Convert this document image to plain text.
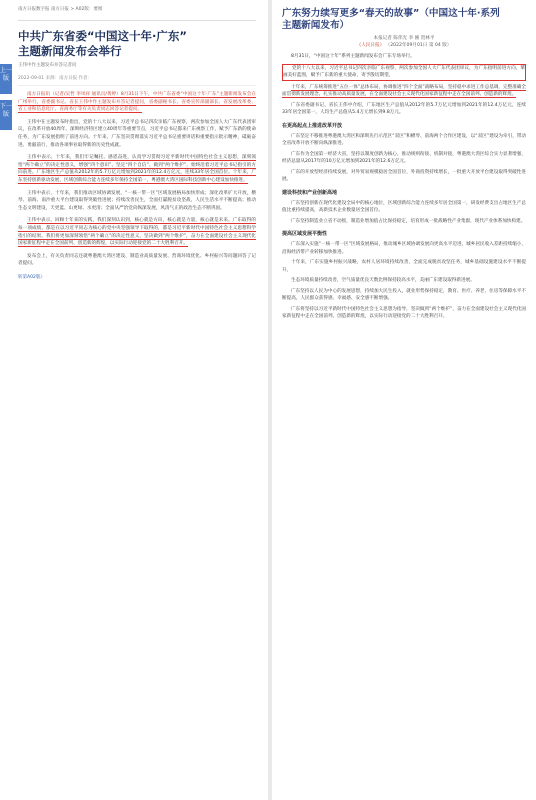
上一版
下一版
南方日报数字报 南方日报 > A02版：要闻
中共广东省委“中国这十年·广东”
主题新闻发布会举行
王伟中作主题发布并答记者问
2022-09-01 来源：南方日报 作者：

南方日报讯（记者/吴哲 李凤祥 通讯员/黄婷）8月31日下午，中共广东省委“中国这十年·广东”主题新闻发布会在广州举行。省委副书记、省长王伟中作主题发布并答记者提问，省委副秘书长、省委宣传部副部长、省发展改革委、省工业和信息化厅、省商务厅等有关负责同志回答记者提问。

王伟中在主题发布时指出，党的十八大以来，习近平总书记四次亲临广东视察，两次参加全国人大广东代表团审议，在改革开放40周年、深圳经济特区建立40周年等重要节点，习近平总书记都来广东视察工作，赋予广东新的使命任务，为广东发展指明了前进方向。十年来，广东坚决贯彻落实习近平总书记重要讲话和重要指示批示精神，砥砺奋进、勇毅前行，推动各项事业取得新的历史性成就。

王伟中表示，十年来，我们牢记嘱托、感恩奋进，认真学习贯彻习近平新时代中国特色社会主义思想，深刻领悟“两个确立”的决定性意义，增强“四个意识”、坚定“四个自信”、做到“两个维护”，始终沿着习近平总书记指引的方向前进。广东地区生产总值从2012年的5.7万亿元增加到2021年的12.4万亿元，连续33年居全国首位。十年来，广东坚持创新驱动发展，区域创新综合能力连续多年保持全国第一，粤港澳大湾区国际科技创新中心建设加快推进。

王伟中表示，十年来，我们推动区域协调发展，“一核一带一区”区域发展格局加快形成；深化改革扩大开放，横琴、前海、南沙重大平台建设取得突破性进展；持续改善民生，全面打赢脱贫攻坚战，人民生活水平不断提高；推动生态文明建设，天更蓝、山更绿、水更清；全面从严治党向纵深发展，风清气正的政治生态不断巩固。

王伟中表示，回顾十年来的实践，我们深刻认识到，核心就是方向，核心就是力量，核心就是未来。广东取得的每一项成绩，都是在以习近平同志为核心的党中央坚强领导下取得的，都是习近平新时代中国特色社会主义思想科学指引的结果。我们将更加深刻领悟“两个确立”的决定性意义，坚决做到“两个维护”，奋力在全面建设社会主义现代化国家新征程中走在全国前列、创造新的辉煌，以实际行动迎接党的二十大胜利召开。

发布会上，有关负责同志还就粤港澳大湾区建设、制造业高质量发展、营商环境优化、乡村振兴等问题回答了记者提问。

转第A02版》
广东努力续写更多“春天的故事”（中国这十年·系列
主题新闻发布）
本报记者 陈伟光 李 刚 贺林平
《人民日报》 （2022年09月01日 第 04 版）

8月31日，“中国这十年”系列主题新闻发布会广东专场举行。

党的十八大以来，习近平总书记四次亲临广东视察，两次参加全国人大广东代表团审议，为广东指明前进方向，擘画美好蓝图，赋予广东新的重大使命，寄予殷切期望。

十年来，广东统筹推进“五位一体”总体布局，协调推进“四个全面”战略布局，坚持稳中求进工作总基调，完整准确全面贯彻新发展理念，扎实推动高质量发展，在全面建设社会主义现代化国家新征程中走在全国前列、创造新的辉煌。

广东省委副书记、省长王伟中介绍，广东地区生产总值从2012年的5.7万亿元增加到2021年的12.4万亿元，连续33年居全国第一，人均生产总值从5.4万元增长到9.8万元。

在更高起点上推进改革开放

广东坚定不移推进粤港澳大湾区和深圳先行示范区“双区”和横琴、前海两个合作区建设，以“双区”建设为牵引，带动全省改革开放不断向纵深推进。

广东作为全国第一经济大省，坚持以制度创新为核心，推动规则衔接、机制对接，粤港澳大湾区综合实力显著增强，经济总量从2017年的10万亿元增加到2021年的12.6万亿元。

广东的开放型经济持续发展，对外贸易规模稳居全国首位，外商投资持续增长，一批重大开放平台建设取得突破性进展。

建设科技和产业创新高地

广东坚持创新在现代化建设全局中的核心地位，区域创新综合能力连续多年居全国第一，研发经费支出占地区生产总值比重持续提高，高新技术企业数量居全国首位。

广东坚持制造业立省不动摇，制造业增加值占比保持稳定，培育形成一批战略性产业集群，现代产业体系加快构建。

提高区域发展平衡性

广东深入实施“一核一带一区”区域发展格局，推动城乡区域协调发展向更高水平迈进，城乡居民收入差距持续缩小，沿海经济带产业转移加快推进。

十年来，广东实施乡村振兴战略，农村人居环境持续改善，全面完成脱贫攻坚任务，城乡基础设施建设水平不断提升。

生态环境质量持续改善，空气质量优良天数比例保持较高水平，美丽广东建设取得新进展。

广东坚持以人民为中心的发展思想，持续加大民生投入，就业形势保持稳定，教育、医疗、养老、住房等保障水平不断提高，人民群众获得感、幸福感、安全感不断增强。

广东将坚持以习近平新时代中国特色社会主义思想为指导，坚决做到“两个维护”，奋力在全面建设社会主义现代化国家新征程中走在全国前列、创造新的辉煌，以实际行动迎接党的二十大胜利召开。
